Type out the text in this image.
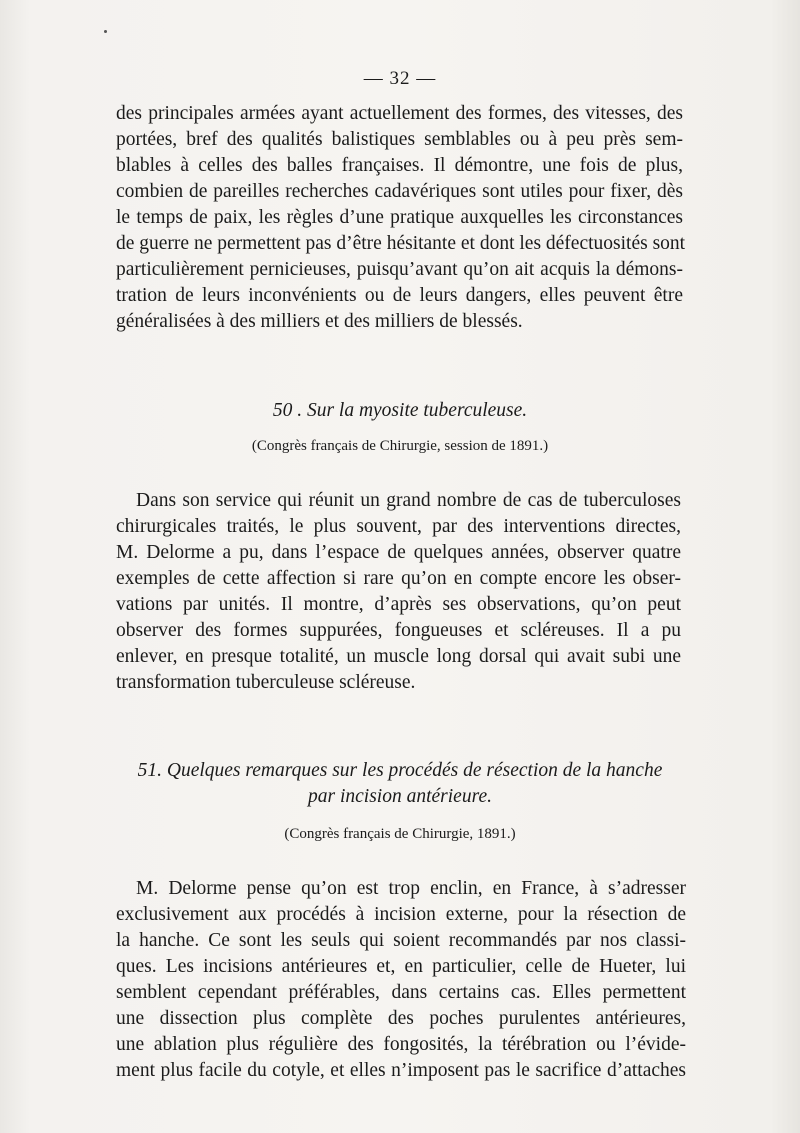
— 32 —

des principales armées ayant actuellement des formes, des vitesses, des
portées, bref des qualités balistiques semblables ou à peu près sem-
blables à celles des balles françaises. Il démontre, une fois de plus,
combien de pareilles recherches cadavériques sont utiles pour fixer, dès
le temps de paix, les règles d’une pratique auxquelles les circonstances
de guerre ne permettent pas d’être hésitante et dont les défectuosités sont
particulièrement pernicieuses, puisqu’avant qu’on ait acquis la démons-
tration de leurs inconvénients ou de leurs dangers, elles peuvent être
généralisées à des milliers et des milliers de blessés.

50 . Sur la myosite tuberculeuse.
(Congrès français de Chirurgie, session de 1891.)

Dans son service qui réunit un grand nombre de cas de tuberculoses
chirurgicales traités, le plus souvent, par des interventions directes,
M. Delorme a pu, dans l’espace de quelques années, observer quatre
exemples de cette affection si rare qu’on en compte encore les obser-
vations par unités. Il montre, d’après ses observations, qu’on peut
observer des formes suppurées, fongueuses et scléreuses. Il a pu
enlever, en presque totalité, un muscle long dorsal qui avait subi une
transformation tuberculeuse scléreuse.

51. Quelques remarques sur les procédés de résection de la hanche
par incision antérieure.
(Congrès français de Chirurgie, 1891.)

M. Delorme pense qu’on est trop enclin, en France, à s’adresser
exclusivement aux procédés à incision externe, pour la résection de
la hanche. Ce sont les seuls qui soient recommandés par nos classi-
ques. Les incisions antérieures et, en particulier, celle de Hueter, lui
semblent cependant préférables, dans certains cas. Elles permettent
une dissection plus complète des poches purulentes antérieures,
une ablation plus régulière des fongosités, la térébration ou l’évide-
ment plus facile du cotyle, et elles n’imposent pas le sacrifice d’attaches
